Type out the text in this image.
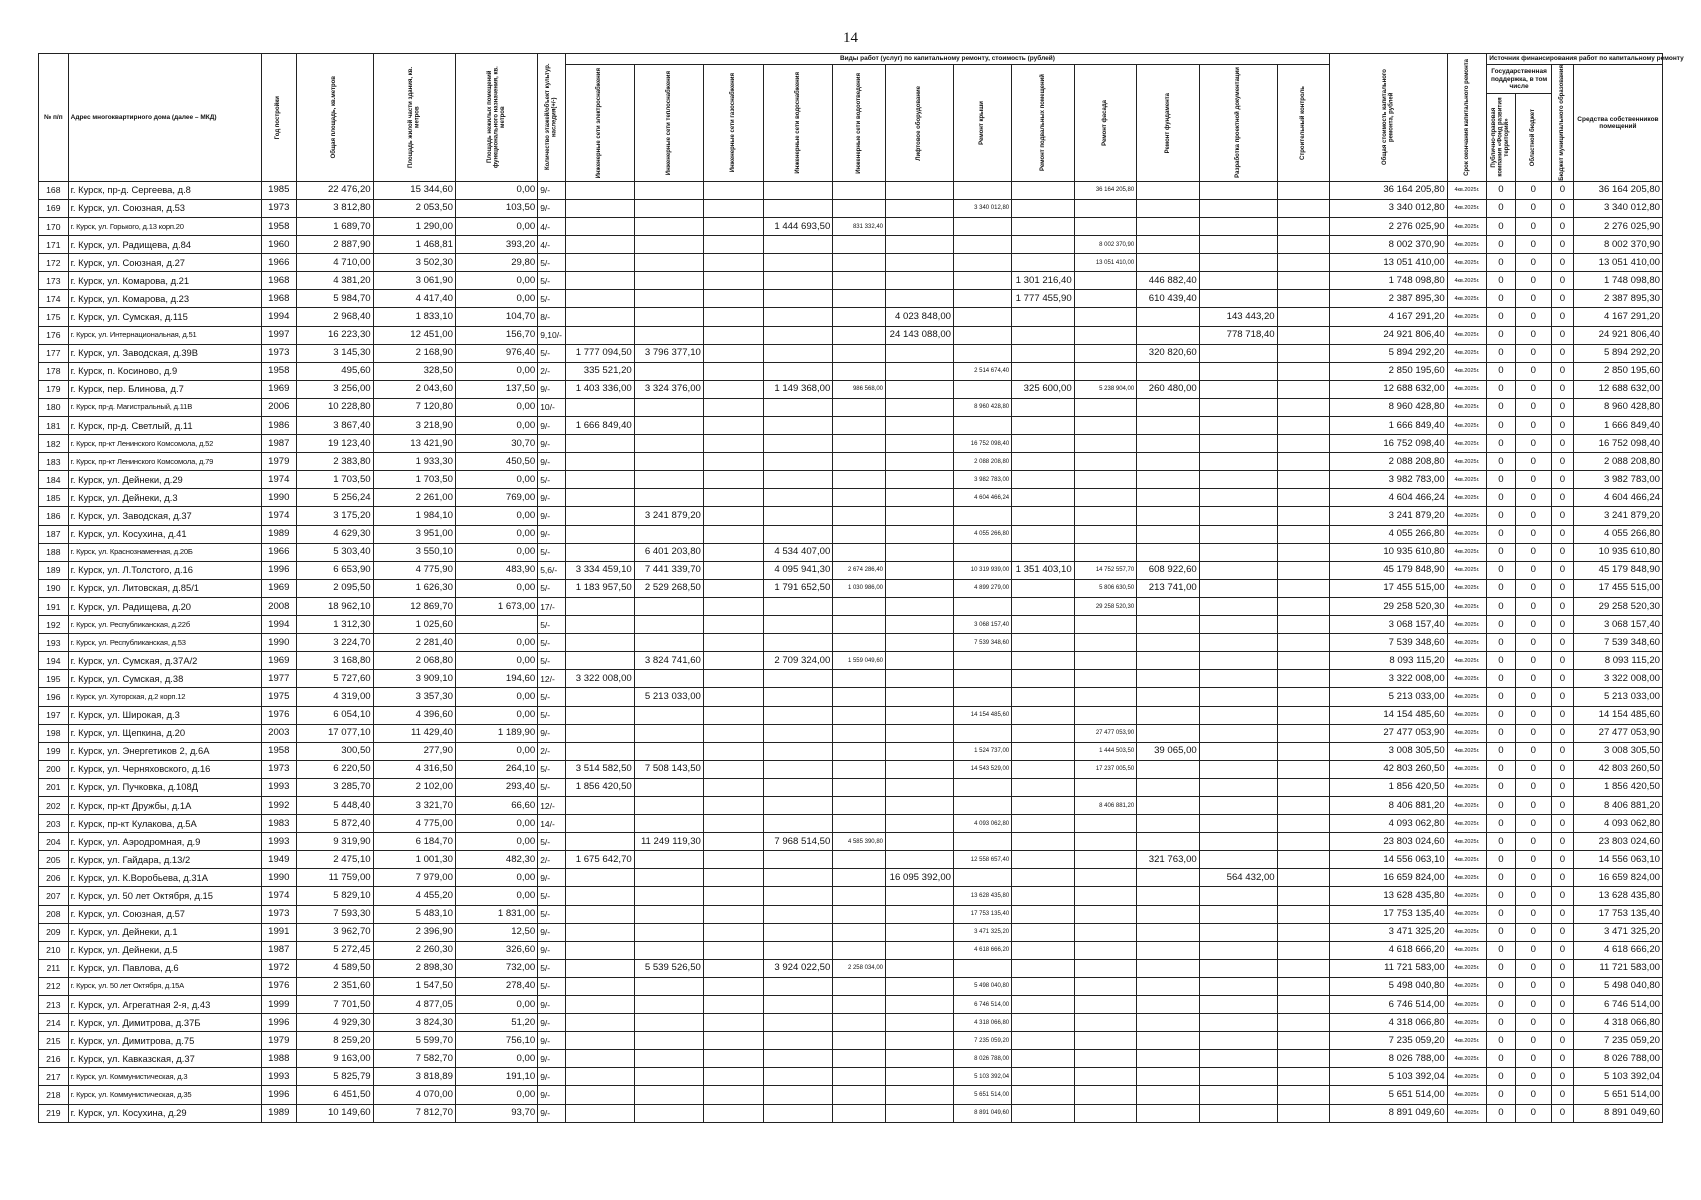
14
№ п/п	Адрес многоквартирного дома (далее – МКД)	Год постройки	Общая площадь, кв.метров	Площадь жилой части здания, кв. метров	Площадь нежилых помещений функционального назначения, кв. метров	Количество этажей/объект культур. наследия(+/-)	Виды работ (услуг) по капитальному ремонту, стоимость (рублей)												Общая стоимость капитального ремонта, рублей	Срок окончания капитального ремонта	Источник финансирования работ по капитальному ремонту			

							Инженерные сети электроснабжения	Инженерные сети теплоснабжения	Инженерные сети газоснабжения	Инженерные сети водоснабжения	Инженерные сети водоотведения	Лифтовое оборудование	Ремонт крыши	Ремонт подвальных помещений	Ремонт фасада	Ремонт фундамента	Разработка проектной документации	Строительный контроль			Государственная поддержка, в том числе		Бюджет муниципального образования	Средства собственников помещений

																					Публично-правовая компания «Фонд развития территорий»	Областной бюджет		

168	г. Курск, пр-д. Сергеева, д.8	1985	22 476,20	15 344,60	0,00	9/-									36 164 205,80				36 164 205,80	4кв.2025г.	0	0	0	36 164 205,80
169	г. Курск, ул. Союзная, д.53	1973	3 812,80	2 053,50	103,50	9/-							3 340 012,80						3 340 012,80	4кв.2025г.	0	0	0	3 340 012,80
170	г. Курск, ул. Горького, д.13 корп.20	1958	1 689,70	1 290,00	0,00	4/-				1 444 693,50	831 332,40								2 276 025,90	4кв.2025г.	0	0	0	2 276 025,90
171	г. Курск, ул. Радищева, д.84	1960	2 887,90	1 468,81	393,20	4/-									8 002 370,90				8 002 370,90	4кв.2025г.	0	0	0	8 002 370,90
172	г. Курск, ул. Союзная, д.27	1966	4 710,00	3 502,30	29,80	5/-									13 051 410,00				13 051 410,00	4кв.2025г.	0	0	0	13 051 410,00
173	г. Курск, ул. Комарова, д.21	1968	4 381,20	3 061,90	0,00	5/-								1 301 216,40		446 882,40			1 748 098,80	4кв.2025г.	0	0	0	1 748 098,80
174	г. Курск, ул. Комарова, д.23	1968	5 984,70	4 417,40	0,00	5/-								1 777 455,90		610 439,40			2 387 895,30	4кв.2025г.	0	0	0	2 387 895,30
175	г. Курск, ул. Сумская, д.115	1994	2 968,40	1 833,10	104,70	8/-						4 023 848,00					143 443,20		4 167 291,20	4кв.2025г.	0	0	0	4 167 291,20
176	г. Курск, ул. Интернациональная, д.51	1997	16 223,30	12 451,00	156,70	9,10/-						24 143 088,00					778 718,40		24 921 806,40	4кв.2025г.	0	0	0	24 921 806,40
177	г. Курск, ул. Заводская, д.39В	1973	3 145,30	2 168,90	976,40	5/-	1 777 094,50	3 796 377,10								320 820,60			5 894 292,20	4кв.2025г.	0	0	0	5 894 292,20
178	г. Курск, п. Косиново, д.9	1958	495,60	328,50	0,00	2/-	335 521,20						2 514 674,40						2 850 195,60	4кв.2025г.	0	0	0	2 850 195,60
179	г. Курск, пер. Блинова, д.7	1969	3 256,00	2 043,60	137,50	9/-	1 403 336,00	3 324 376,00		1 149 368,00	986 568,00			325 600,00	5 238 904,00	260 480,00			12 688 632,00	4кв.2025г.	0	0	0	12 688 632,00
180	г. Курск, пр-д. Магистральный, д.11В	2006	10 228,80	7 120,80	0,00	10/-							8 960 428,80						8 960 428,80	4кв.2025г.	0	0	0	8 960 428,80
181	г. Курск, пр-д. Светлый, д.11	1986	3 867,40	3 218,90	0,00	9/-	1 666 849,40												1 666 849,40	4кв.2025г.	0	0	0	1 666 849,40
182	г. Курск, пр-кт Ленинского Комсомола, д.52	1987	19 123,40	13 421,90	30,70	9/-							16 752 098,40						16 752 098,40	4кв.2025г.	0	0	0	16 752 098,40
183	г. Курск, пр-кт Ленинского Комсомола, д.79	1979	2 383,80	1 933,30	450,50	9/-							2 088 208,80						2 088 208,80	4кв.2025г.	0	0	0	2 088 208,80
184	г. Курск, ул. Дейнеки, д.29	1974	1 703,50	1 703,50	0,00	5/-							3 982 783,00						3 982 783,00	4кв.2025г.	0	0	0	3 982 783,00
185	г. Курск, ул. Дейнеки, д.3	1990	5 256,24	2 261,00	769,00	9/-							4 604 466,24						4 604 466,24	4кв.2025г.	0	0	0	4 604 466,24
186	г. Курск, ул. Заводская, д.37	1974	3 175,20	1 984,10	0,00	9/-		3 241 879,20											3 241 879,20	4кв.2025г.	0	0	0	3 241 879,20
187	г. Курск, ул. Косухина, д.41	1989	4 629,30	3 951,00	0,00	9/-							4 055 266,80						4 055 266,80	4кв.2025г.	0	0	0	4 055 266,80
188	г. Курск, ул. Краснознаменная, д.20Б	1966	5 303,40	3 550,10	0,00	5/-		6 401 203,80		4 534 407,00									10 935 610,80	4кв.2025г.	0	0	0	10 935 610,80
189	г. Курск, ул. Л.Толстого, д.16	1996	6 653,90	4 775,90	483,90	5,6/-	3 334 459,10	7 441 339,70		4 095 941,30	2 674 286,40		10 319 939,00	1 351 403,10	14 752 557,70	608 922,60			45 179 848,90	4кв.2025г.	0	0	0	45 179 848,90
190	г. Курск, ул. Литовская, д.85/1	1969	2 095,50	1 626,30	0,00	5/-	1 183 957,50	2 529 268,50		1 791 652,50	1 030 986,00		4 899 279,00		5 806 630,50	213 741,00			17 455 515,00	4кв.2025г.	0	0	0	17 455 515,00
191	г. Курск, ул. Радищева, д.20	2008	18 962,10	12 869,70	1 673,00	17/-									29 258 520,30				29 258 520,30	4кв.2025г.	0	0	0	29 258 520,30
192	г. Курск, ул. Республиканская, д.22б	1994	1 312,30	1 025,60		5/-							3 068 157,40						3 068 157,40	4кв.2025г.	0	0	0	3 068 157,40
193	г. Курск, ул. Республиканская, д.53	1990	3 224,70	2 281,40	0,00	5/-							7 539 348,60						7 539 348,60	4кв.2025г.	0	0	0	7 539 348,60
194	г. Курск, ул. Сумская, д.37А/2	1969	3 168,80	2 068,80	0,00	5/-		3 824 741,60		2 709 324,00	1 559 049,60								8 093 115,20	4кв.2025г.	0	0	0	8 093 115,20
195	г. Курск, ул. Сумская, д.38	1977	5 727,60	3 909,10	194,60	12/-	3 322 008,00												3 322 008,00	4кв.2025г.	0	0	0	3 322 008,00
196	г. Курск, ул. Хуторская, д.2 корп.12	1975	4 319,00	3 357,30	0,00	5/-		5 213 033,00											5 213 033,00	4кв.2025г.	0	0	0	5 213 033,00
197	г. Курск, ул. Широкая, д.3	1976	6 054,10	4 396,60	0,00	5/-							14 154 485,60						14 154 485,60	4кв.2025г.	0	0	0	14 154 485,60
198	г. Курск, ул. Щепкина, д.20	2003	17 077,10	11 429,40	1 189,90	9/-									27 477 053,90				27 477 053,90	4кв.2025г.	0	0	0	27 477 053,90
199	г. Курск, ул. Энергетиков 2, д.6А	1958	300,50	277,90	0,00	2/-							1 524 737,00		1 444 503,50	39 065,00			3 008 305,50	4кв.2025г.	0	0	0	3 008 305,50
200	г. Курск, ул. Черняховского, д.16	1973	6 220,50	4 316,50	264,10	5/-	3 514 582,50	7 508 143,50					14 543 529,00		17 237 005,50				42 803 260,50	4кв.2025г.	0	0	0	42 803 260,50
201	г. Курск, ул. Пучковка, д.108Д	1993	3 285,70	2 102,00	293,40	5/-	1 856 420,50												1 856 420,50	4кв.2025г.	0	0	0	1 856 420,50
202	г. Курск, пр-кт Дружбы, д.1А	1992	5 448,40	3 321,70	66,60	12/-									8 406 881,20				8 406 881,20	4кв.2025г.	0	0	0	8 406 881,20
203	г. Курск, пр-кт Кулакова, д.5А	1983	5 872,40	4 775,00	0,00	14/-							4 093 062,80						4 093 062,80	4кв.2025г.	0	0	0	4 093 062,80
204	г. Курск, ул. Аэродромная, д.9	1993	9 319,90	6 184,70	0,00	5/-		11 249 119,30		7 968 514,50	4 585 390,80								23 803 024,60	4кв.2025г.	0	0	0	23 803 024,60
205	г. Курск, ул. Гайдара, д.13/2	1949	2 475,10	1 001,30	482,30	2/-	1 675 642,70						12 558 657,40			321 763,00			14 556 063,10	4кв.2025г.	0	0	0	14 556 063,10
206	г. Курск, ул. К.Воробьева, д.31А	1990	11 759,00	7 979,00	0,00	9/-						16 095 392,00					564 432,00		16 659 824,00	4кв.2025г.	0	0	0	16 659 824,00
207	г. Курск, ул. 50 лет Октября, д.15	1974	5 829,10	4 455,20	0,00	5/-							13 628 435,80						13 628 435,80	4кв.2025г.	0	0	0	13 628 435,80
208	г. Курск, ул. Союзная, д.57	1973	7 593,30	5 483,10	1 831,00	5/-							17 753 135,40						17 753 135,40	4кв.2025г.	0	0	0	17 753 135,40
209	г. Курск, ул. Дейнеки, д.1	1991	3 962,70	2 396,90	12,50	9/-							3 471 325,20						3 471 325,20	4кв.2025г.	0	0	0	3 471 325,20
210	г. Курск, ул. Дейнеки, д.5	1987	5 272,45	2 260,30	326,60	9/-							4 618 666,20						4 618 666,20	4кв.2025г.	0	0	0	4 618 666,20
211	г. Курск, ул. Павлова, д.6	1972	4 589,50	2 898,30	732,00	5/-		5 539 526,50		3 924 022,50	2 258 034,00								11 721 583,00	4кв.2025г.	0	0	0	11 721 583,00
212	г. Курск, ул. 50 лет Октября, д.15А	1976	2 351,60	1 547,50	278,40	5/-							5 498 040,80						5 498 040,80	4кв.2025г.	0	0	0	5 498 040,80
213	г. Курск, ул. Агрегатная 2-я, д.43	1999	7 701,50	4 877,05	0,00	9/-							6 746 514,00						6 746 514,00	4кв.2025г.	0	0	0	6 746 514,00
214	г. Курск, ул. Димитрова, д.37Б	1996	4 929,30	3 824,30	51,20	9/-							4 318 066,80						4 318 066,80	4кв.2025г.	0	0	0	4 318 066,80
215	г. Курск, ул. Димитрова, д.75	1979	8 259,20	5 599,70	756,10	9/-							7 235 059,20						7 235 059,20	4кв.2025г.	0	0	0	7 235 059,20
216	г. Курск, ул. Кавказская, д.37	1988	9 163,00	7 582,70	0,00	9/-							8 026 788,00						8 026 788,00	4кв.2025г.	0	0	0	8 026 788,00
217	г. Курск, ул. Коммунистическая, д.3	1993	5 825,79	3 818,89	191,10	9/-							5 103 392,04						5 103 392,04	4кв.2025г.	0	0	0	5 103 392,04
218	г. Курск, ул. Коммунистическая, д.35	1996	6 451,50	4 070,00	0,00	9/-							5 651 514,00						5 651 514,00	4кв.2025г.	0	0	0	5 651 514,00
219	г. Курск, ул. Косухина, д.29	1989	10 149,60	7 812,70	93,70	9/-							8 891 049,60						8 891 049,60	4кв.2025г.	0	0	0	8 891 049,60
